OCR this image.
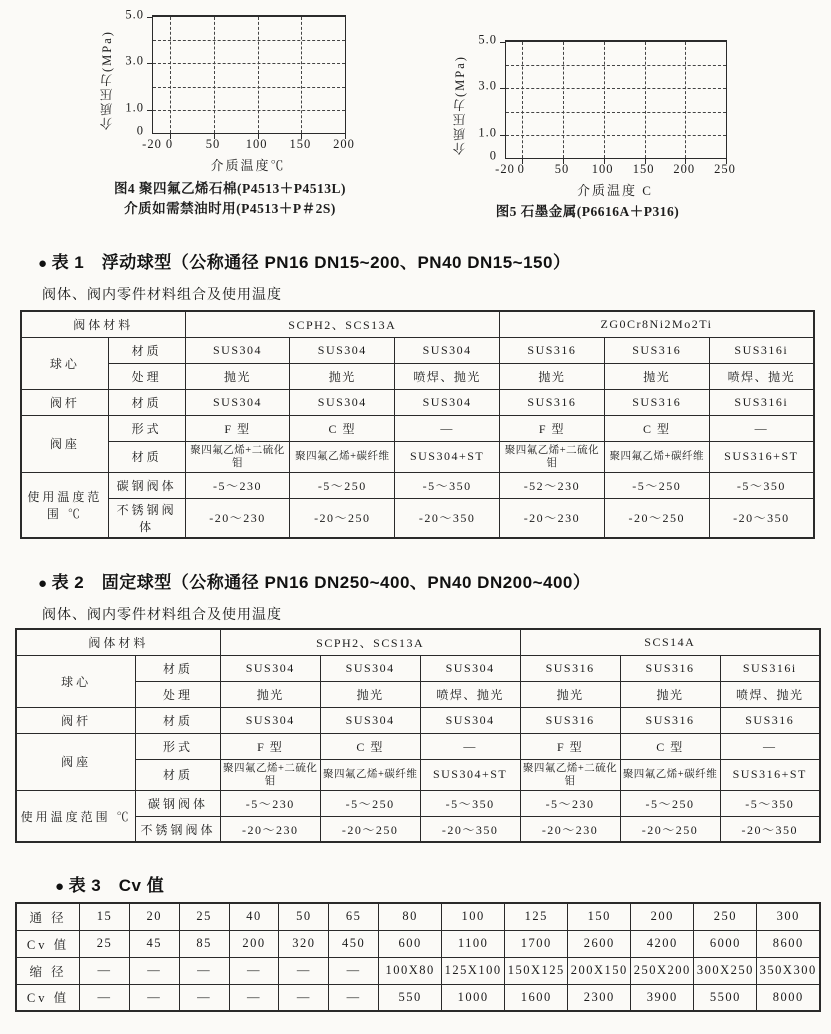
介质压力(MPa)
5.0
3.0
1.0
0
-20 0	50 100 150 200
介质温度℃
图4 聚四氟乙烯石棉(P4513＋P4513L)
介质如需禁油时用(P4513＋P＃2S)
介质压力(MPa)
5.0
3.0
1.0
0
-20 0 50 100 150 200 250
介质温度 C
图5 石墨金属(P6616A＋P316)
● 表 1　浮动球型（公称通径 PN16 DN15~200、PN40 DN15~150）
阀体、阀内零件材料组合及使用温度
阀体材料		SCPH2、SCS13A			ZG0Cr8Ni2Mo2Ti		
球心	材质	SUS304	SUS304	SUS304	SUS316	SUS316	SUS316i
	处理	抛光	抛光	喷焊、抛光	抛光	抛光	喷焊、抛光
阀杆	材质	SUS304	SUS304	SUS304	SUS316	SUS316	SUS316i
阀座	形式	F 型	C 型	—	F 型	C 型	—
	材质	聚四氟乙烯+二硫化钼	聚四氟乙烯+碳纤维	SUS304+ST	聚四氟乙烯+二硫化钼	聚四氟乙烯+碳纤维	SUS316+ST
使用温度范围 ℃	碳钢阀体	-5～230	-5～250	-5～350	-52～230	-5～250	-5～350
	不锈钢阀体	-20～230	-20～250	-20～350	-20～230	-20～250	-20～350
● 表 2　固定球型（公称通径 PN16 DN250~400、PN40 DN200~400）
阀体、阀内零件材料组合及使用温度
阀体材料		SCPH2、SCS13A			SCS14A		
球心	材质	SUS304	SUS304	SUS304	SUS316	SUS316	SUS316i
	处理	抛光	抛光	喷焊、抛光	抛光	抛光	喷焊、抛光
阀杆	材质	SUS304	SUS304	SUS304	SUS316	SUS316	SUS316
阀座	形式	F 型	C 型	—	F 型	C 型	—
	材质	聚四氟乙烯+二硫化钼	聚四氟乙烯+碳纤维	SUS304+ST	聚四氟乙烯+二硫化钼	聚四氟乙烯+碳纤维	SUS316+ST
使用温度范围 ℃	碳钢阀体	-5～230	-5～250	-5～350	-5～230	-5～250	-5～350
	不锈钢阀体	-20～230	-20～250	-20～350	-20～230	-20～250	-20～350
● 表 3　Cv 值
通 径	15	20	25	40	50	65	80	100	125	150	200	250	300
Cv 值	25	45	85	200	320	450	600	1100	1700	2600	4200	6000	8600
缩 径	—	—	—	—	—	—	100X80	125X100	150X125	200X150	250X200	300X250	350X300
Cv 值	—	—	—	—	—	—	550	1000	1600	2300	3900	5500	8000
